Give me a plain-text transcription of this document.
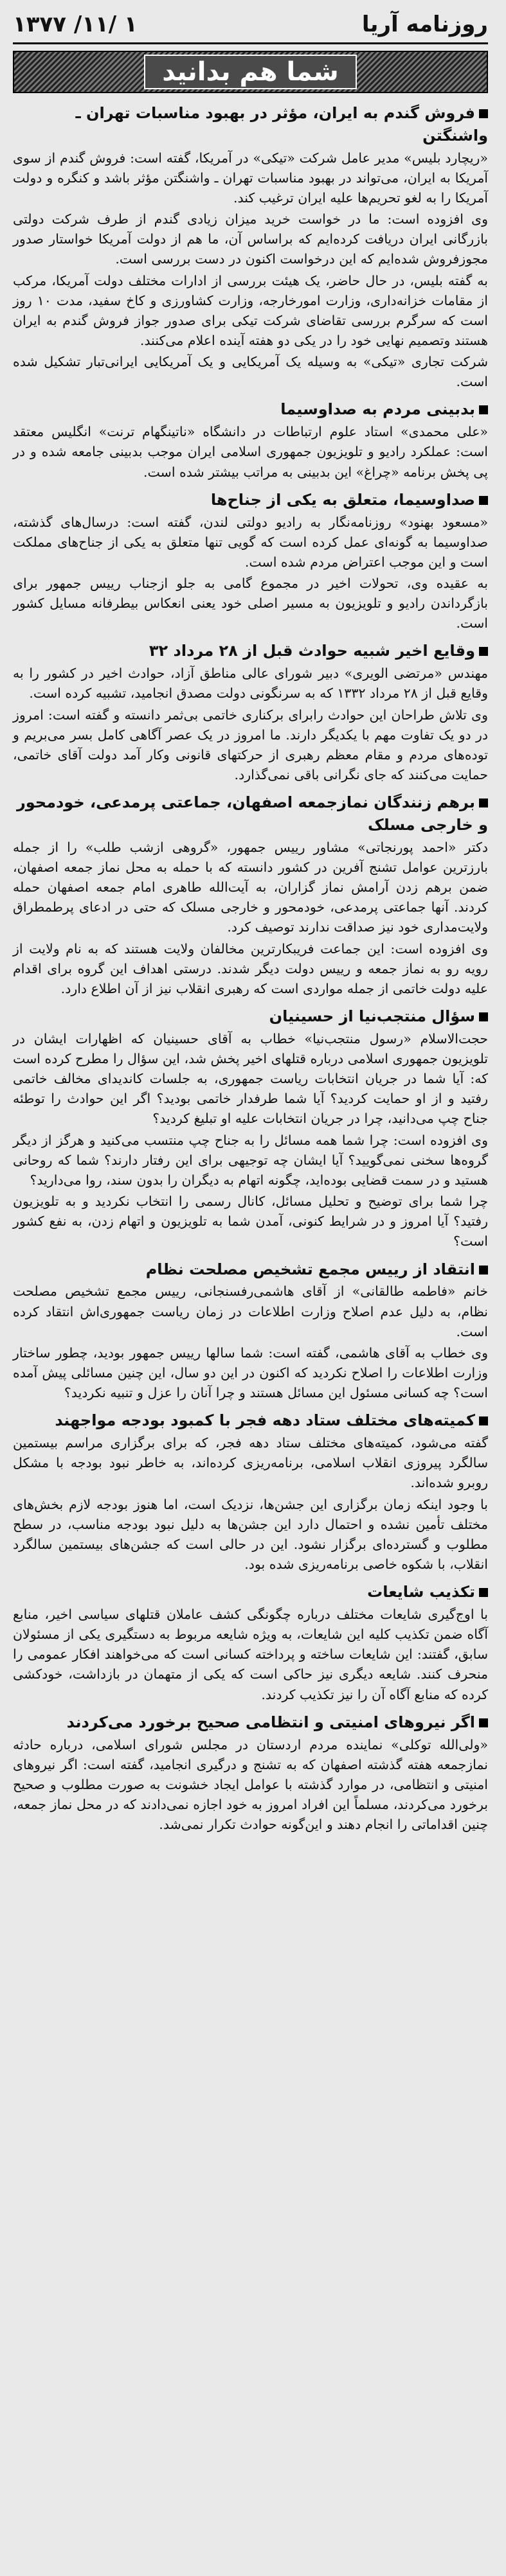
روزنامه آریا
۱۳۷۷ /۱۱/ ۱
شما هم بدانید
فروش گندم به ایران، مؤثر در بهبود مناسبات تهران ـ واشنگتن

«ریچارد بلیس» مدیر عامل شرکت «تیکی» در آمریکا، گفته است: فروش گندم از سوی آمریکا به ایران، می‌تواند در بهبود مناسبات تهران ـ واشنگتن مؤثر باشد و کنگره و دولت آمریکا را به لغو تحریم‌ها علیه ایران ترغیب کند.

وی افزوده است: ما در خواست خرید میزان زیادی گندم از طرف شرکت دولتی بازرگانی ایران دریافت کرده‌ایم که براساس آن، ما هم از دولت آمریکا خواستار صدور مجوزفروش شده‌ایم که این درخواست اکنون در دست بررسی است.

به گفته بلیس، در حال حاضر، یک هیئت بررسی از ادارات مختلف دولت آمریکا، مرکب از مقامات خزانه‌داری، وزارت امورخارجه، وزارت کشاورزی و کاخ سفید، مدت ۱۰ روز است که سرگرم بررسی تقاضای شرکت تیکی برای صدور جواز فروش گندم به ایران هستند وتصمیم نهایی خود را در یکی دو هفته آینده اعلام می‌کنند.

شرکت تجاری «تیکی» به وسیله یک آمریکایی و یک آمریکایی ایرانی‌تبار تشکیل شده است.

بدبینی مردم به صداوسیما

«علی محمدی» استاد علوم ارتباطات در دانشگاه «ناتینگهام ترنت» انگلیس معتقد است: عملکرد رادیو و تلویزیون جمهوری اسلامی ایران موجب بدبینی جامعه شده و در پی پخش برنامه «چراغ» این بدبینی به مراتب بیشتر شده است.

صداوسیما، متعلق به یکی از جناح‌ها

«مسعود بهنود» روزنامه‌نگار به رادیو دولتی لندن، گفته است: درسال‌های گذشته، صداوسیما به گونه‌ای عمل کرده است که گویی تنها متعلق به یکی از جناح‌های مملکت است و این موجب اعتراض مردم شده است.

به عقیده وی، تحولات اخیر در مجموع گامی به جلو ازجناب رییس جمهور برای بازگرداندن رادیو و تلویزیون به مسیر اصلی خود یعنی انعکاس بیطرفانه مسایل کشور است.

وقایع اخیر شبیه حوادث قبل از ۲۸ مرداد ۳۲

مهندس «مرتضی الویری» دبیر شورای عالی مناطق آزاد، حوادث اخیر در کشور را به وقایع قبل از ۲۸ مرداد ۱۳۳۲ که به سرنگونی دولت مصدق انجامید، تشبیه کرده است.

وی تلاش طراحان این حوادث رابرای برکناری خاتمی بی‌ثمر دانسته و گفته است: امروز در دو یک تفاوت مهم با یکدیگر دارند. ما امروز در یک عصر آگاهی کامل بسر می‌بریم و توده‌های مردم و مقام معظم رهبری از حرکتهای قانونی وکار آمد دولت آقای خاتمی، حمایت می‌کنند که جای نگرانی باقی نمی‌گذارد.

برهم زنندگان نمازجمعه اصفهان، جماعتی پرمدعی، خودمحور و خارجی مسلک

دکتر «احمد پورنجاتی» مشاور رییس جمهور، «گروهی ازشب طلب» را از جمله بارزترین عوامل تشنج آفرین در کشور دانسته که با حمله به محل نماز جمعه اصفهان، ضمن برهم زدن آرامش نماز گزاران، به آیت‌الله طاهری امام جمعه اصفهان حمله کردند. آنها جماعتی پرمدعی، خودمحور و خارجی مسلک که حتی در ادعای پرطمطراق ولایت‌مداری خود نیز صداقت ندارند توصیف کرد.

وی افزوده است: این جماعت فریبکارترین مخالفان ولایت هستند که به نام ولایت از رویه رو به نماز جمعه و رییس دولت دیگر شدند. درستی اهداف این گروه برای اقدام علیه دولت خاتمی از جمله مواردی است که رهبری انقلاب نیز از آن اطلاع دارد.

سؤال منتجب‌نیا از حسینیان

حجت‌الاسلام «رسول منتجب‌نیا» خطاب به آقای حسینیان که اظهارات ایشان در تلویزیون جمهوری اسلامی درباره قتلهای اخیر پخش شد، این سؤال را مطرح کرده است که: آیا شما در جریان انتخابات ریاست جمهوری، به جلسات کاندیدای مخالف خاتمی رفتید و از او حمایت کردید؟ آیا شما طرفدار خاتمی بودید؟ اگر این حوادث را توطئه جناح چپ می‌دانید، چرا در جریان انتخابات علیه او تبلیغ کردید؟

وی افزوده است: چرا شما همه مسائل را به جناح چپ منتسب می‌کنید و هرگز از دیگر گروه‌ها سخنی نمی‌گویید؟ آیا ایشان چه توجیهی برای این رفتار دارند؟ شما که روحانی هستید و در سمت قضایی بوده‌اید، چگونه اتهام به دیگران را بدون سند، روا می‌دارید؟

چرا شما برای توضیح و تحلیل مسائل، کانال رسمی را انتخاب نکردید و به تلویزیون رفتید؟ آیا امروز و در شرایط کنونی، آمدن شما به تلویزیون و اتهام زدن، به نفع کشور است؟

انتقاد از رییس مجمع تشخیص مصلحت نظام

خانم «فاطمه طالقانی» از آقای هاشمی‌رفسنجانی، رییس مجمع تشخیص مصلحت نظام، به دلیل عدم اصلاح وزارت اطلاعات در زمان ریاست جمهوری‌اش انتقاد کرده است.

وی خطاب به آقای هاشمی، گفته است: شما سالها رییس جمهور بودید، چطور ساختار وزارت اطلاعات را اصلاح نکردید که اکنون در این دو سال، این چنین مسائلی پیش آمده است؟ چه کسانی مسئول این مسائل هستند و چرا آنان را عزل و تنبیه نکردید؟

کمیته‌های مختلف ستاد دهه فجر با کمبود بودجه مواجهند

گفته می‌شود، کمیته‌های مختلف ستاد دهه فجر، که برای برگزاری مراسم بیستمین سالگرد پیروزی انقلاب اسلامی، برنامه‌ریزی کرده‌اند، به خاطر نبود بودجه با مشکل روبرو شده‌اند.

با وجود اینکه زمان برگزاری این جشن‌ها، نزدیک است، اما هنوز بودجه لازم بخش‌های مختلف تأمین نشده و احتمال دارد این جشن‌ها به دلیل نبود بودجه مناسب، در سطح مطلوب و گسترده‌ای برگزار نشود. این در حالی است که جشن‌های بیستمین سالگرد انقلاب، با شکوه خاصی برنامه‌ریزی شده بود.

تکذیب شایعات

با اوج‌گیری شایعات مختلف درباره چگونگی کشف عاملان قتلهای سیاسی اخیر، منابع آگاه ضمن تکذیب کلیه این شایعات، به ویژه شایعه مربوط به دستگیری یکی از مسئولان سابق، گفتند: این شایعات ساخته و پرداخته کسانی است که می‌خواهند افکار عمومی را منحرف کنند. شایعه دیگری نیز حاکی است که یکی از متهمان در بازداشت، خودکشی کرده که منابع آگاه آن را نیز تکذیب کردند.

اگر نیروهای امنیتی و انتظامی صحیح برخورد می‌کردند

«ولی‌الله توکلی» نماینده مردم اردستان در مجلس شورای اسلامی، درباره حادثه نمازجمعه هفته گذشته اصفهان که به تشنج و درگیری انجامید، گفته است: اگر نیروهای امنیتی و انتظامی، در موارد گذشته با عوامل ایجاد خشونت به صورت مطلوب و صحیح برخورد می‌کردند، مسلماً این افراد امروز به خود اجازه نمی‌دادند که در محل نماز جمعه، چنین اقداماتی را انجام دهند و این‌گونه حوادث تکرار نمی‌شد.
